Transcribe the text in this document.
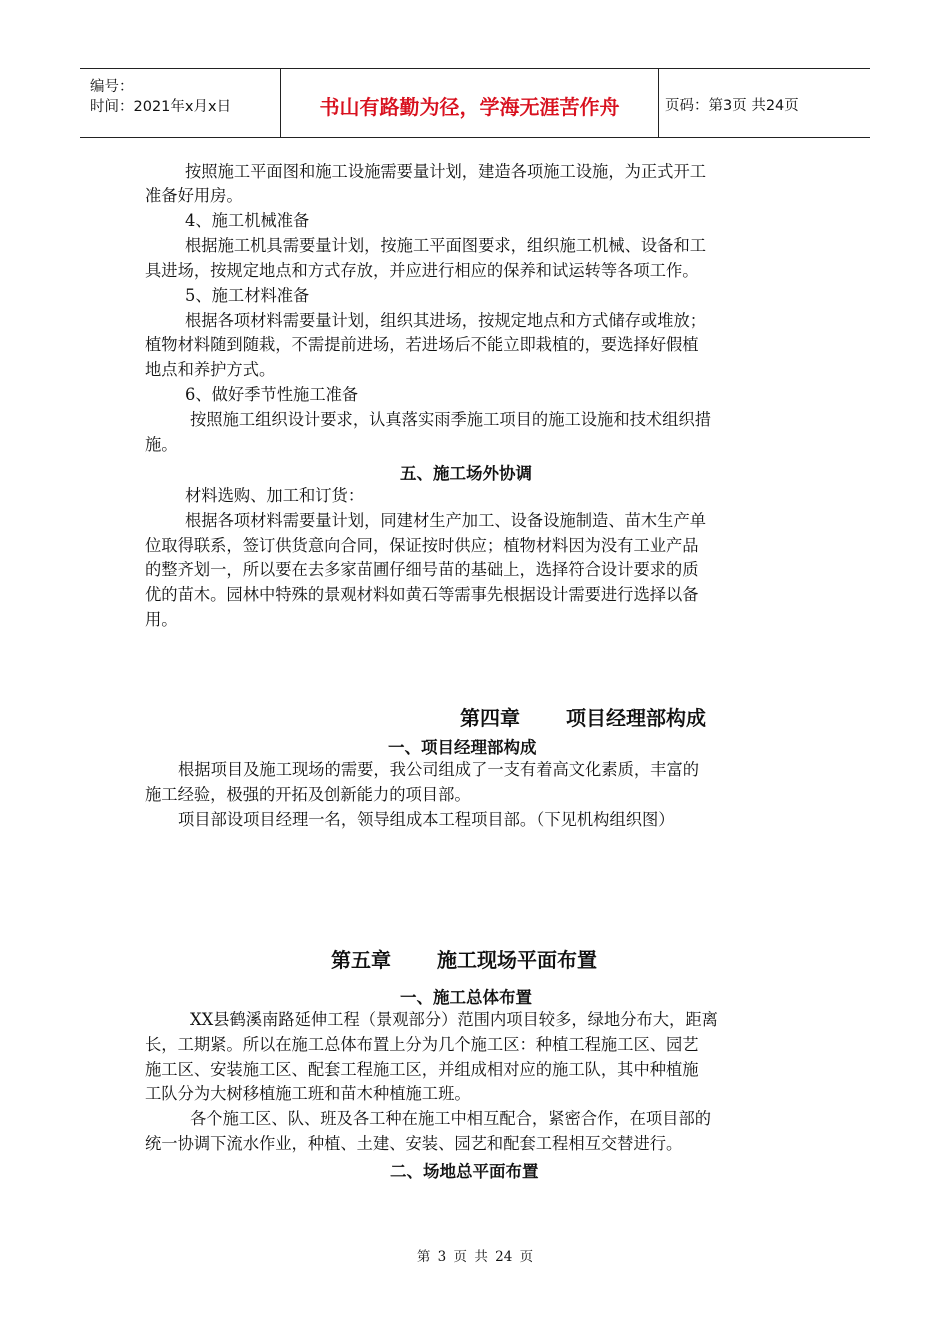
编号：
时间：2021年x月x日	书山有路勤为径，学海无涯苦作舟	页码：第3页 共24页
按照施工平面图和施工设施需要量计划，建造各项施工设施，为正式开工
准备好用房。
4、施工机械准备
根据施工机具需要量计划，按施工平面图要求，组织施工机械、设备和工
具进场，按规定地点和方式存放，并应进行相应的保养和试运转等各项工作。
5、施工材料准备
根据各项材料需要量计划，组织其进场，按规定地点和方式储存或堆放；
植物材料随到随栽，不需提前进场，若进场后不能立即栽植的，要选择好假植
地点和养护方式。
6、做好季节性施工准备
按照施工组织设计要求，认真落实雨季施工项目的施工设施和技术组织措
施。
五、施工场外协调
材料选购、加工和订货：
根据各项材料需要量计划，同建材生产加工、设备设施制造、苗木生产单
位取得联系，签订供货意向合同，保证按时供应；植物材料因为没有工业产品
的整齐划一，所以要在去多家苗圃仔细号苗的基础上，选择符合设计要求的质
优的苗木。园林中特殊的景观材料如黄石等需事先根据设计需要进行选择以备
用。
第四章 项目经理部构成
一、项目经理部构成
根据项目及施工现场的需要，我公司组成了一支有着高文化素质，丰富的
施工经验，极强的开拓及创新能力的项目部。
项目部设项目经理一名，领导组成本工程项目部。（下见机构组织图）
第五章 施工现场平面布置
一、施工总体布置
XX县鹤溪南路延伸工程（景观部分）范围内项目较多，绿地分布大，距离
长，工期紧。所以在施工总体布置上分为几个施工区：种植工程施工区、园艺
施工区、安装施工区、配套工程施工区，并组成相对应的施工队，其中种植施
工队分为大树移植施工班和苗木种植施工班。
各个施工区、队、班及各工种在施工中相互配合，紧密合作，在项目部的
统一协调下流水作业，种植、土建、安装、园艺和配套工程相互交替进行。
二、场地总平面布置
第 3 页 共 24 页
